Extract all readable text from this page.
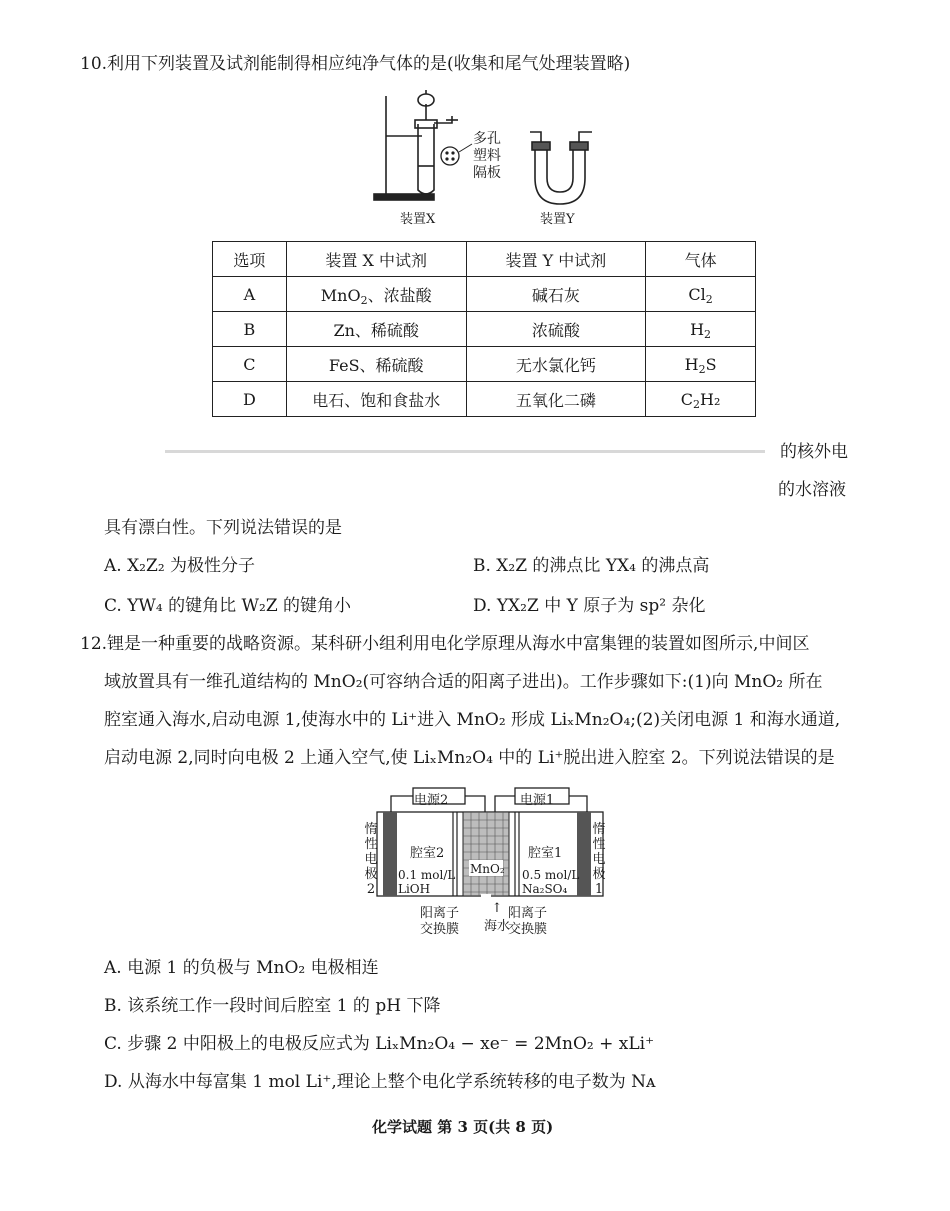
10.利用下列装置及试剂能制得相应纯净气体的是(收集和尾气处理装置略)
多孔
塑料
隔板
装置X	装置Y
选项	装置 X 中试剂	装置 Y 中试剂	气体
A	MnO$_2$、浓盐酸	碱石灰	$Cl_2$
B	Zn、稀硫酸	浓硫酸	$H_2$
C	FeS、稀硫酸	无水氯化钙	$H_2S$
D	电石、饱和食盐水	五氧化二磷	$C_2H_2$
的核外电
的水溶液
具有漂白性。下列说法错误的是
A. X₂Z₂ 为极性分子	B. X₂Z 的沸点比 YX₄ 的沸点高
C. YW₄ 的键角比 W₂Z 的键角小	D. YX₂Z 中 Y 原子为 sp² 杂化
12.锂是一种重要的战略资源。某科研小组利用电化学原理从海水中富集锂的装置如图所示,中间区
域放置具有一维孔道结构的 MnO₂(可容纳合适的阳离子进出)。工作步骤如下:(1)向 MnO₂ 所在
腔室通入海水,启动电源 1,使海水中的 Li⁺进入 MnO₂ 形成 LiₓMn₂O₄;(2)关闭电源 1 和海水通道,
启动电源 2,同时向电极 2 上通入空气,使 LiₓMn₂O₄ 中的 Li⁺脱出进入腔室 2。下列说法错误的是
电源2	电源1
惰
性
电
极
2
惰
性
电
极
1
腔室2	腔室1
MnO₂
0.1 mol/L
LiOH
0.5 mol/L
Na₂SO₄
阳离子
交换膜
↑
海水
阳离子
交换膜
A. 电源 1 的负极与 MnO₂ 电极相连
B. 该系统工作一段时间后腔室 1 的 pH 下降
C. 步骤 2 中阳极上的电极反应式为 LiₓMn₂O₄ − xe⁻ = 2MnO₂ + xLi⁺
D. 从海水中每富集 1 mol Li⁺,理论上整个电化学系统转移的电子数为 Nᴀ
化学试题 第 3 页(共 8 页)
